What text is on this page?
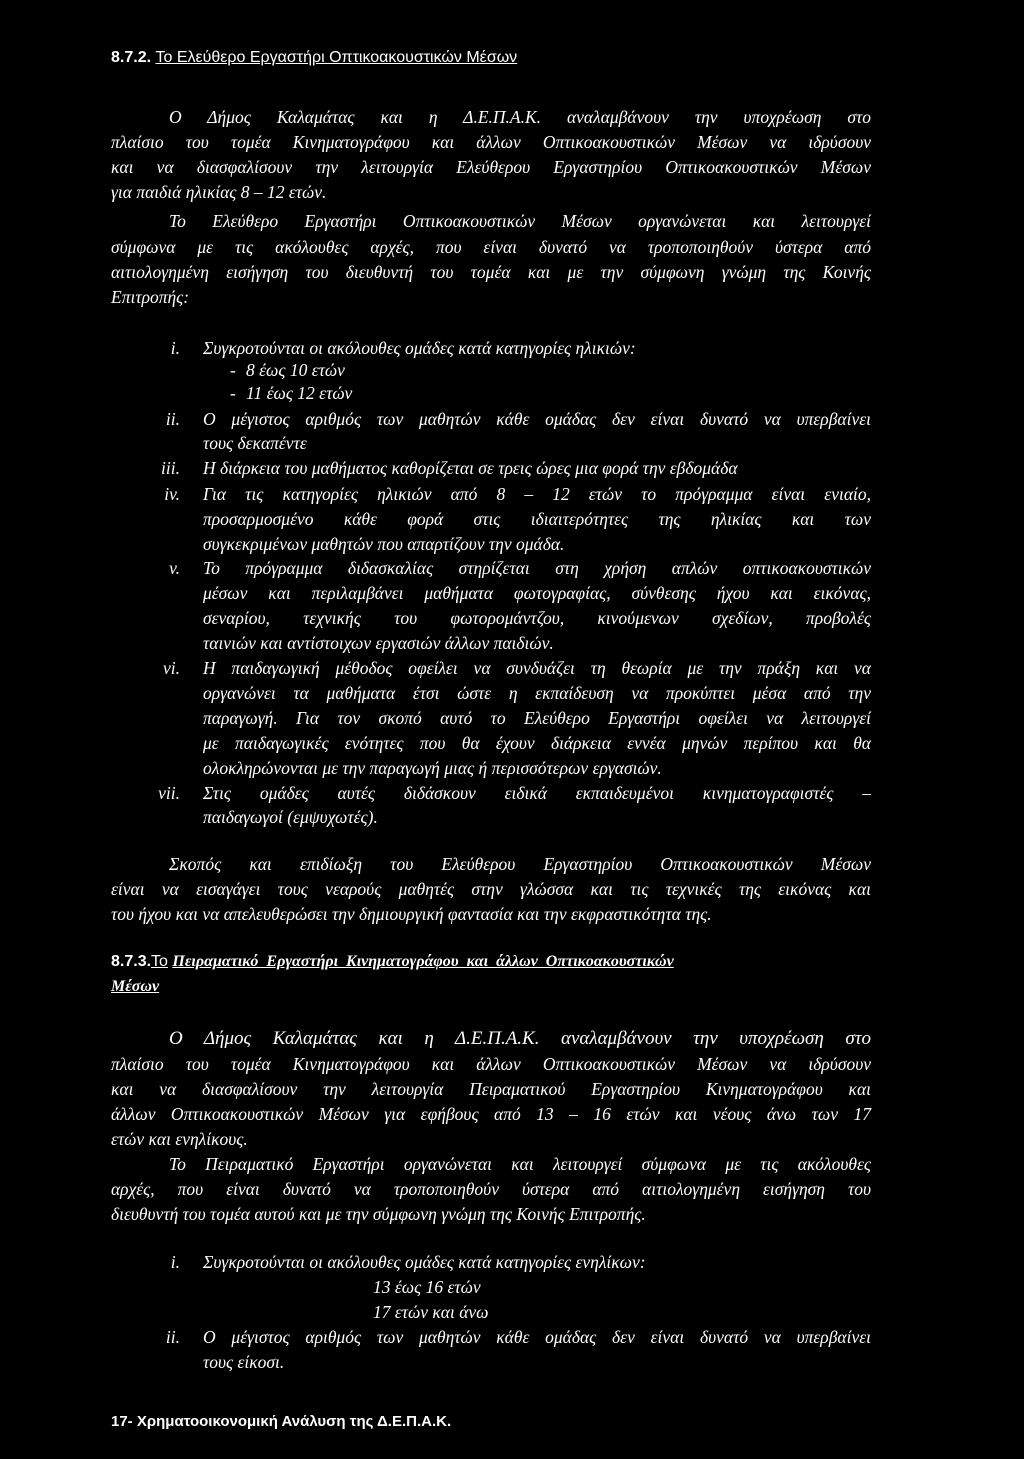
8.7.2. Το Ελεύθερο Εργαστήρι Οπτικοακουστικών Μέσων
Ο Δήμος Καλαμάτας και η Δ.Ε.Π.Α.Κ. αναλαμβάνουν την υποχρέωση στο
πλαίσιο του τομέα Κινηματογράφου και άλλων Οπτικοακουστικών Μέσων να ιδρύσουν
και να διασφαλίσουν την λειτουργία Ελεύθερου Εργαστηρίου Οπτικοακουστικών Μέσων
για παιδιά ηλικίας 8 – 12 ετών.
Το Ελεύθερο Εργαστήρι Οπτικοακουστικών Μέσων οργανώνεται και λειτουργεί
σύμφωνα με τις ακόλουθες αρχές, που είναι δυνατό να τροποποιηθούν ύστερα από
αιτιολογημένη εισήγηση του διευθυντή του τομέα και με την σύμφωνη γνώμη της Κοινής
Επιτροπής:
i. Συγκροτούνται οι ακόλουθες ομάδες κατά κατηγορίες ηλικιών:
- 8 έως 10 ετών
- 11 έως 12 ετών
ii. Ο μέγιστος αριθμός των μαθητών κάθε ομάδας δεν είναι δυνατό να υπερβαίνει
τους δεκαπέντε
iii. Η διάρκεια του μαθήματος καθορίζεται σε τρεις ώρες μια φορά την εβδομάδα
iv. Για τις κατηγορίες ηλικιών από 8 – 12 ετών το πρόγραμμα είναι ενιαίο,
προσαρμοσμένο κάθε φορά στις ιδιαιτερότητες της ηλικίας και των
συγκεκριμένων μαθητών που απαρτίζουν την ομάδα.
v. Το πρόγραμμα διδασκαλίας στηρίζεται στη χρήση απλών οπτικοακουστικών
μέσων και περιλαμβάνει μαθήματα φωτογραφίας, σύνθεσης ήχου και εικόνας,
σεναρίου, τεχνικής του φωτορομάντζου, κινούμενων σχεδίων, προβολές
ταινιών και αντίστοιχων εργασιών άλλων παιδιών.
vi. Η παιδαγωγική μέθοδος οφείλει να συνδυάζει τη θεωρία με την πράξη και να
οργανώνει τα μαθήματα έτσι ώστε η εκπαίδευση να προκύπτει μέσα από την
παραγωγή. Για τον σκοπό αυτό το Ελεύθερο Εργαστήρι οφείλει να λειτουργεί
με παιδαγωγικές ενότητες που θα έχουν διάρκεια εννέα μηνών περίπου και θα
ολοκληρώνονται με την παραγωγή μιας ή περισσότερων εργασιών.
vii. Στις ομάδες αυτές διδάσκουν ειδικά εκπαιδευμένοι κινηματογραφιστές –
παιδαγωγοί (εμψυχωτές).
Σκοπός και επιδίωξη του Ελεύθερου Εργαστηρίου Οπτικοακουστικών Μέσων
είναι να εισαγάγει τους νεαρούς μαθητές στην γλώσσα και τις τεχνικές της εικόνας και
του ήχου και να απελευθερώσει την δημιουργική φαντασία και την εκφραστικότητα της.
8.7.3.Το Πειραματικό Εργαστήρι Κινηματογράφου και άλλων Οπτικοακουστικών
Μέσων
Ο Δήμος Καλαμάτας και η Δ.Ε.Π.Α.Κ. αναλαμβάνουν την υποχρέωση στο
πλαίσιο του τομέα Κινηματογράφου και άλλων Οπτικοακουστικών Μέσων να ιδρύσουν
και να διασφαλίσουν την λειτουργία Πειραματικού Εργαστηρίου Κινηματογράφου και
άλλων Οπτικοακουστικών Μέσων για εφήβους από 13 – 16 ετών και νέους άνω των 17
ετών και ενηλίκους.
Το Πειραματικό Εργαστήρι οργανώνεται και λειτουργεί σύμφωνα με τις ακόλουθες
αρχές, που είναι δυνατό να τροποποιηθούν ύστερα από αιτιολογημένη εισήγηση του
διευθυντή του τομέα αυτού και με την σύμφωνη γνώμη της Κοινής Επιτροπής.
i. Συγκροτούνται οι ακόλουθες ομάδες κατά κατηγορίες ενηλίκων:
13 έως 16 ετών
17 ετών και άνω
ii. Ο μέγιστος αριθμός των μαθητών κάθε ομάδας δεν είναι δυνατό να υπερβαίνει
τους είκοσι.
17- Χρηματοοικονομική Ανάλυση της Δ.Ε.Π.Α.Κ.
